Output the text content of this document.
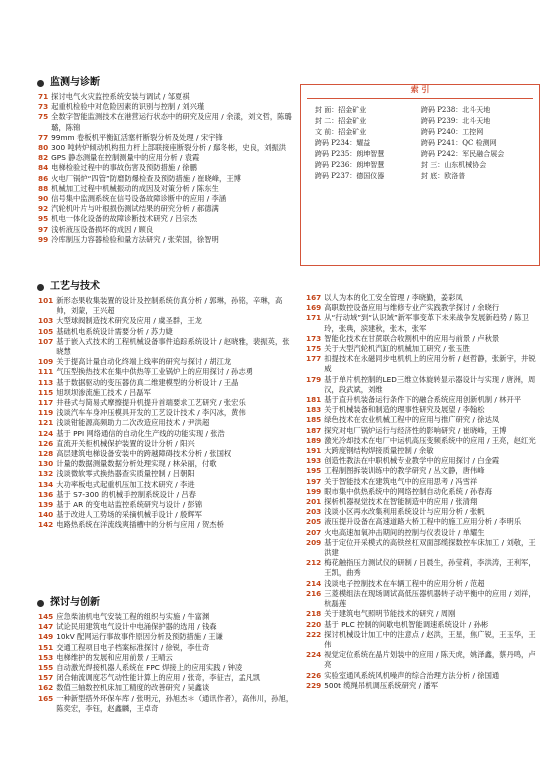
监测与诊断
71 探讨电气火灾监控系统安装与调试 / 邹夏祺
73 起重机检验中对危险因素的识别与控制 / 刘兴瑾
75 全数字智能监测技术在港营运行状态中的研究及应用 / 余漾，刘文哲，陈璐璐，陈锦
77 99mm 卷板机平衡缸活塞杆断裂分析及处理 / 宋宇锋
80 300 吨转炉倾动机构扭力杆上部联接座断裂分析 / 鄢冬彬，史良，刘振洪
82 GPS 静态测量在控制测量中的应用分析 / 袁霞
84 电梯检验过程中的事故伤害及预防措施 / 徐鹏
86 火电厂锅炉“四管”防磨防爆检查及预防措施 / 崔晓峰，王博
88 机械加工过程中机械振动的成因及对策分析 / 陈东生
90 信号集中监测系统在信号设备故障诊断中的应用 / 李涵
92 汽轮机叶片与叶根损伤测试结果的研究分析 / 郝德满
95 机电一体化设备的故障诊断技术研究 / 吕宗杰
97 浅析液压设备损坏的成因 / 顾良
99 冷库制压力容器检验和量方法研究 / 张荣国，徐智明
工艺与技术
101 新形态果收集装置的设计及控制系统仿真分析 / 郭琳，孙铭，辛琳，高帅，刘蒙，王兴超
103 大型球阀制造技术研究及应用 / 虞圣群，王龙
105 基础机电系统设计需要分析 / 苏力婕
107 基于嵌入式技术的工程机械设备事件追踪系统设计 / 赵晓雅，裴振英，张晓慧
109 关于提高计量自动化终端上线率的研究与探讨 / 胡江龙
111 气压型换热技术在集中供热等工业锅炉上的应用探讨 / 孙志勇
113 基于数据驱动的变压器仿真二维建模型的分析设计 / 王晶
115 旭坝坝渗流施工技术 / 吕磊军
117 井巷式与简易式摩擦提升机提升首端要求工艺研究 / 张宏乐
119 浅谈汽车车身冲压模具开发的工艺设计技术 / 李闪冰，黄伟
121 浅谈钳能源高频助力二次改造应用技术 / 尹洪超
124 基于 PPI 网络通信的自动化生产线的功能实现 / 张浩
126 直流开关柜机械保护装置的设计分析 / 阳兴
128 高层建筑电梯设备安装中的跨越障碍技术分析 / 张国权
130 计量的数据测量数据分析处理实现 / 林朵丽，付歌
132 浅谈微软零式换热器查实质量控制 / 吕朝阳
134 大功率板电式起重机压加工技术研究 / 李进
136 基于 S7-300 的机械手控制系统设计 / 吕春
139 基于 AR 的变电站监控系统研究与设计 / 彭锦
140 基于改进人工势场的采摘机械手设计 / 殷辉军
142 电路热系统在洋流线爽插槽中的分析与应用 / 贺杰桥
探讨与创新
145 应急柴油机电气安装工程的组织与实施 / 牛富渊
147 试论民用建筑电气设计中电涌保护器的选用 / 钱森
149 10kV 配网运行事故事件原因分析及预防措施 / 王谦
151 交通工程项目电子档案标准探讨 / 徐锐，李仕奇
153 电梯维护的发展和应用前景 / 王晴云
155 自动激光焊接机器人系统在 FPC 焊接上的应用实践 / 钟凌
157 闭合轴流调度芯气动性能计算上的应用 / 张奇，李征吉，孟凡凯
162 数值三轴数控机床加工精度的改善研究 / 吴鑫谈
165 一种新型搭外环保车库 / 张明元，孙旭杰＊（通讯作者），高伟川，孙旭，陈奕宏，李钰，赵鑫麟，王卓奇
索 引
封 面：招金矿业	跨码 P238：北斗天地
封 二：招金矿业	跨码 P239：北斗天地
文 前：招金矿业	跨码 P240：工控网
跨码 P234：耀益	跨码 P241：QC 检测网
跨码 P235：朗坤智慧	跨码 P242：军民融合展会
跨码 P236：朗坤智慧	封 三：山东机械协会
跨码 P237：德国仪器	封 底：欧洛普
167 以人为本的化工安全管理 / 李晓勤，姜彩凤
169 高职数控设备应用与维修专业产实践教学探讨 / 余晓行
171 从“行动域”到“认识域”新军事变革下未来战争发展新趋势 / 陈卫玲，张典，滨建秋，张木，张军
173 智能化技术在甘蔗联合收割机中的应用与前景 / 卢秋景
175 关于大型汽轮机汽缸的机械加工研究 / 张玉胜
177 扣提技术在永磁同步电机机上的应用分析 / 赵哲静，张新宇，井锐威
179 基于单片机控制的LED三维立体旋转显示器设计与实现 / 唐洲，周汉，段武斌，刘维
181 基于直升机装备运行条件下的融合系统应用创新机制 / 林开平
183 关于机械装备和制造的理事性研究及展望 / 李翰松
185 绿色技术在农业机械工程中的应用与推广研究 / 徐达凤
187 探究对电厂锅炉运行与经济性的影响研究 / 崔晓峰，王博
189 激光冷却技术在电厂中运机高压变频系统中的应用 / 王亮，赵红光
191 大跨度钢结构焊接质量控制 / 余敏
193 创造性教法在中职机械专业教学中的应用探讨 / 白金霞
195 工程制图拆装训练中的教学研究 / 丛文静，唐伟峰
197 关于智能技术在建筑电气中的应用思考 / 冯雪祥
199 眼市集中供热系统中的网络控制自动化系统 / 孙春海
201 探析机器视觉技术在智能制造中的应用 / 张清翔
203 浅谈小区再水改集利用系统设计与应用分析 / 张帆
205 液压提升设备在高速道路大桥工程中的施工应用分析 / 李明乐
207 火电高速加氧冲击期间的控制与仪表设计 / 单耀生
209 基于定位开采模式的高铁丝杠双面部缆探数控车床加工 / 刘敬，王洪建
212 梅花触指压力测试仪的研制 / 吕晨生，孙莹莉，李洪涛，王利军，王凯，曲秀
214 浅谈电子控制技术在车辆工程中的应用分析 / 范超
216 三菱模组法在现场调试高低压器机器转子动平衡中的应用 / 刘祥，杭磊莲
218 关于建筑电气照明节能技术的研究 / 周刚
220 基于 PLC 控制的间歇电机智能调速系统设计 / 孙彬
222 探讨机械设计加工中的注意点 / 赵洪，王星，焦广锐，王玉华，王伟
224 视觉定位系统在晶片划装中的应用 / 陈天虎，姚泽鑫，蔡丹鸣，卢亮
226 实验室通风系统风机噪声的综合治理方法分析 / 徐国通
229 500t 缆绳吊机调压系统研究 / 潘军
